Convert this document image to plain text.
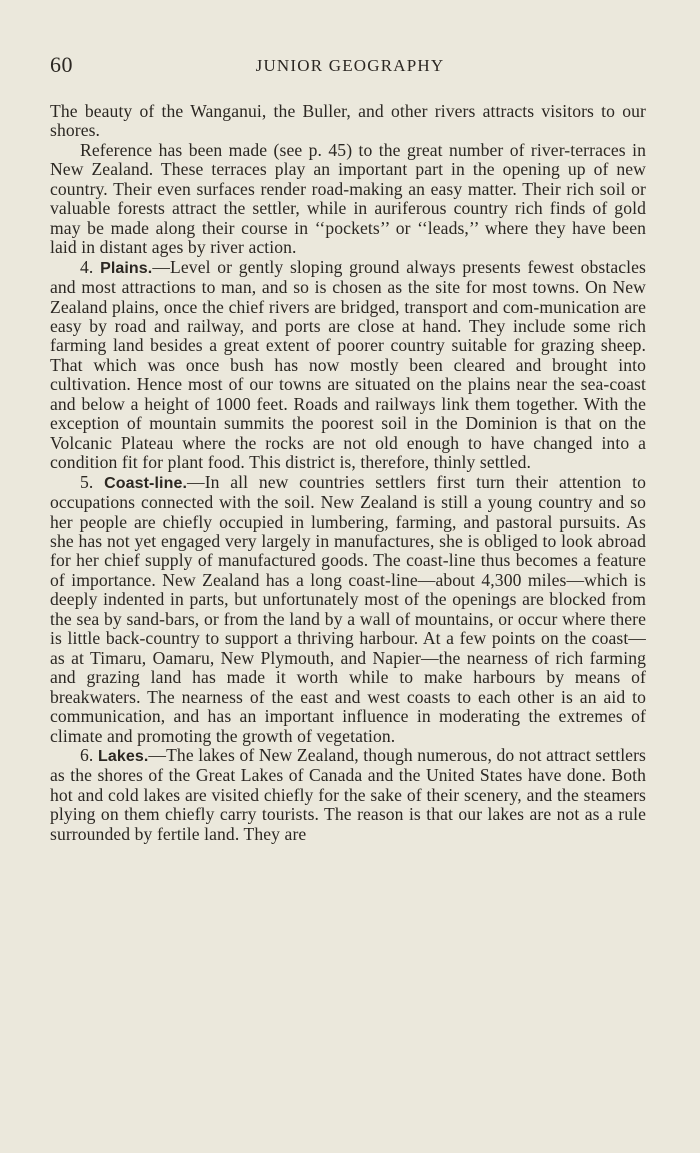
60	JUNIOR GEOGRAPHY

The beauty of the Wanganui, the Buller, and other rivers attracts visitors to our shores.

Reference has been made (see p. 45) to the great number of river-terraces in New Zealand. These terraces play an important part in the opening up of new country. Their even surfaces render road-making an easy matter. Their rich soil or valuable forests attract the settler, while in auriferous country rich finds of gold may be made along their course in ‘‘pockets’’ or ‘‘leads,’’ where they have been laid in distant ages by river action.

4. Plains.—Level or gently sloping ground always presents fewest obstacles and most attractions to man, and so is chosen as the site for most towns. On New Zealand plains, once the chief rivers are bridged, transport and com-munication are easy by road and railway, and ports are close at hand. They include some rich farming land besides a great extent of poorer country suitable for grazing sheep. That which was once bush has now mostly been cleared and brought into cultivation. Hence most of our towns are situated on the plains near the sea-coast and below a height of 1000 feet. Roads and railways link them together. With the exception of mountain summits the poorest soil in the Dominion is that on the Volcanic Plateau where the rocks are not old enough to have changed into a condition fit for plant food. This district is, therefore, thinly settled.

5. Coast-line.—In all new countries settlers first turn their attention to occupations connected with the soil. New Zealand is still a young country and so her people are chiefly occupied in lumbering, farming, and pastoral pursuits. As she has not yet engaged very largely in manufactures, she is obliged to look abroad for her chief supply of manufactured goods. The coast-line thus becomes a feature of importance. New Zealand has a long coast-line—about 4,300 miles—which is deeply indented in parts, but unfortunately most of the openings are blocked from the sea by sand-bars, or from the land by a wall of mountains, or occur where there is little back-country to support a thriving harbour. At a few points on the coast—as at Timaru, Oamaru, New Plymouth, and Napier—the nearness of rich farming and grazing land has made it worth while to make harbours by means of breakwaters. The nearness of the east and west coasts to each other is an aid to communication, and has an important influence in moderating the extremes of climate and promoting the growth of vegetation.

6. Lakes.—The lakes of New Zealand, though numerous, do not attract settlers as the shores of the Great Lakes of Canada and the United States have done. Both hot and cold lakes are visited chiefly for the sake of their scenery, and the steamers plying on them chiefly carry tourists. The reason is that our lakes are not as a rule surrounded by fertile land. They are
